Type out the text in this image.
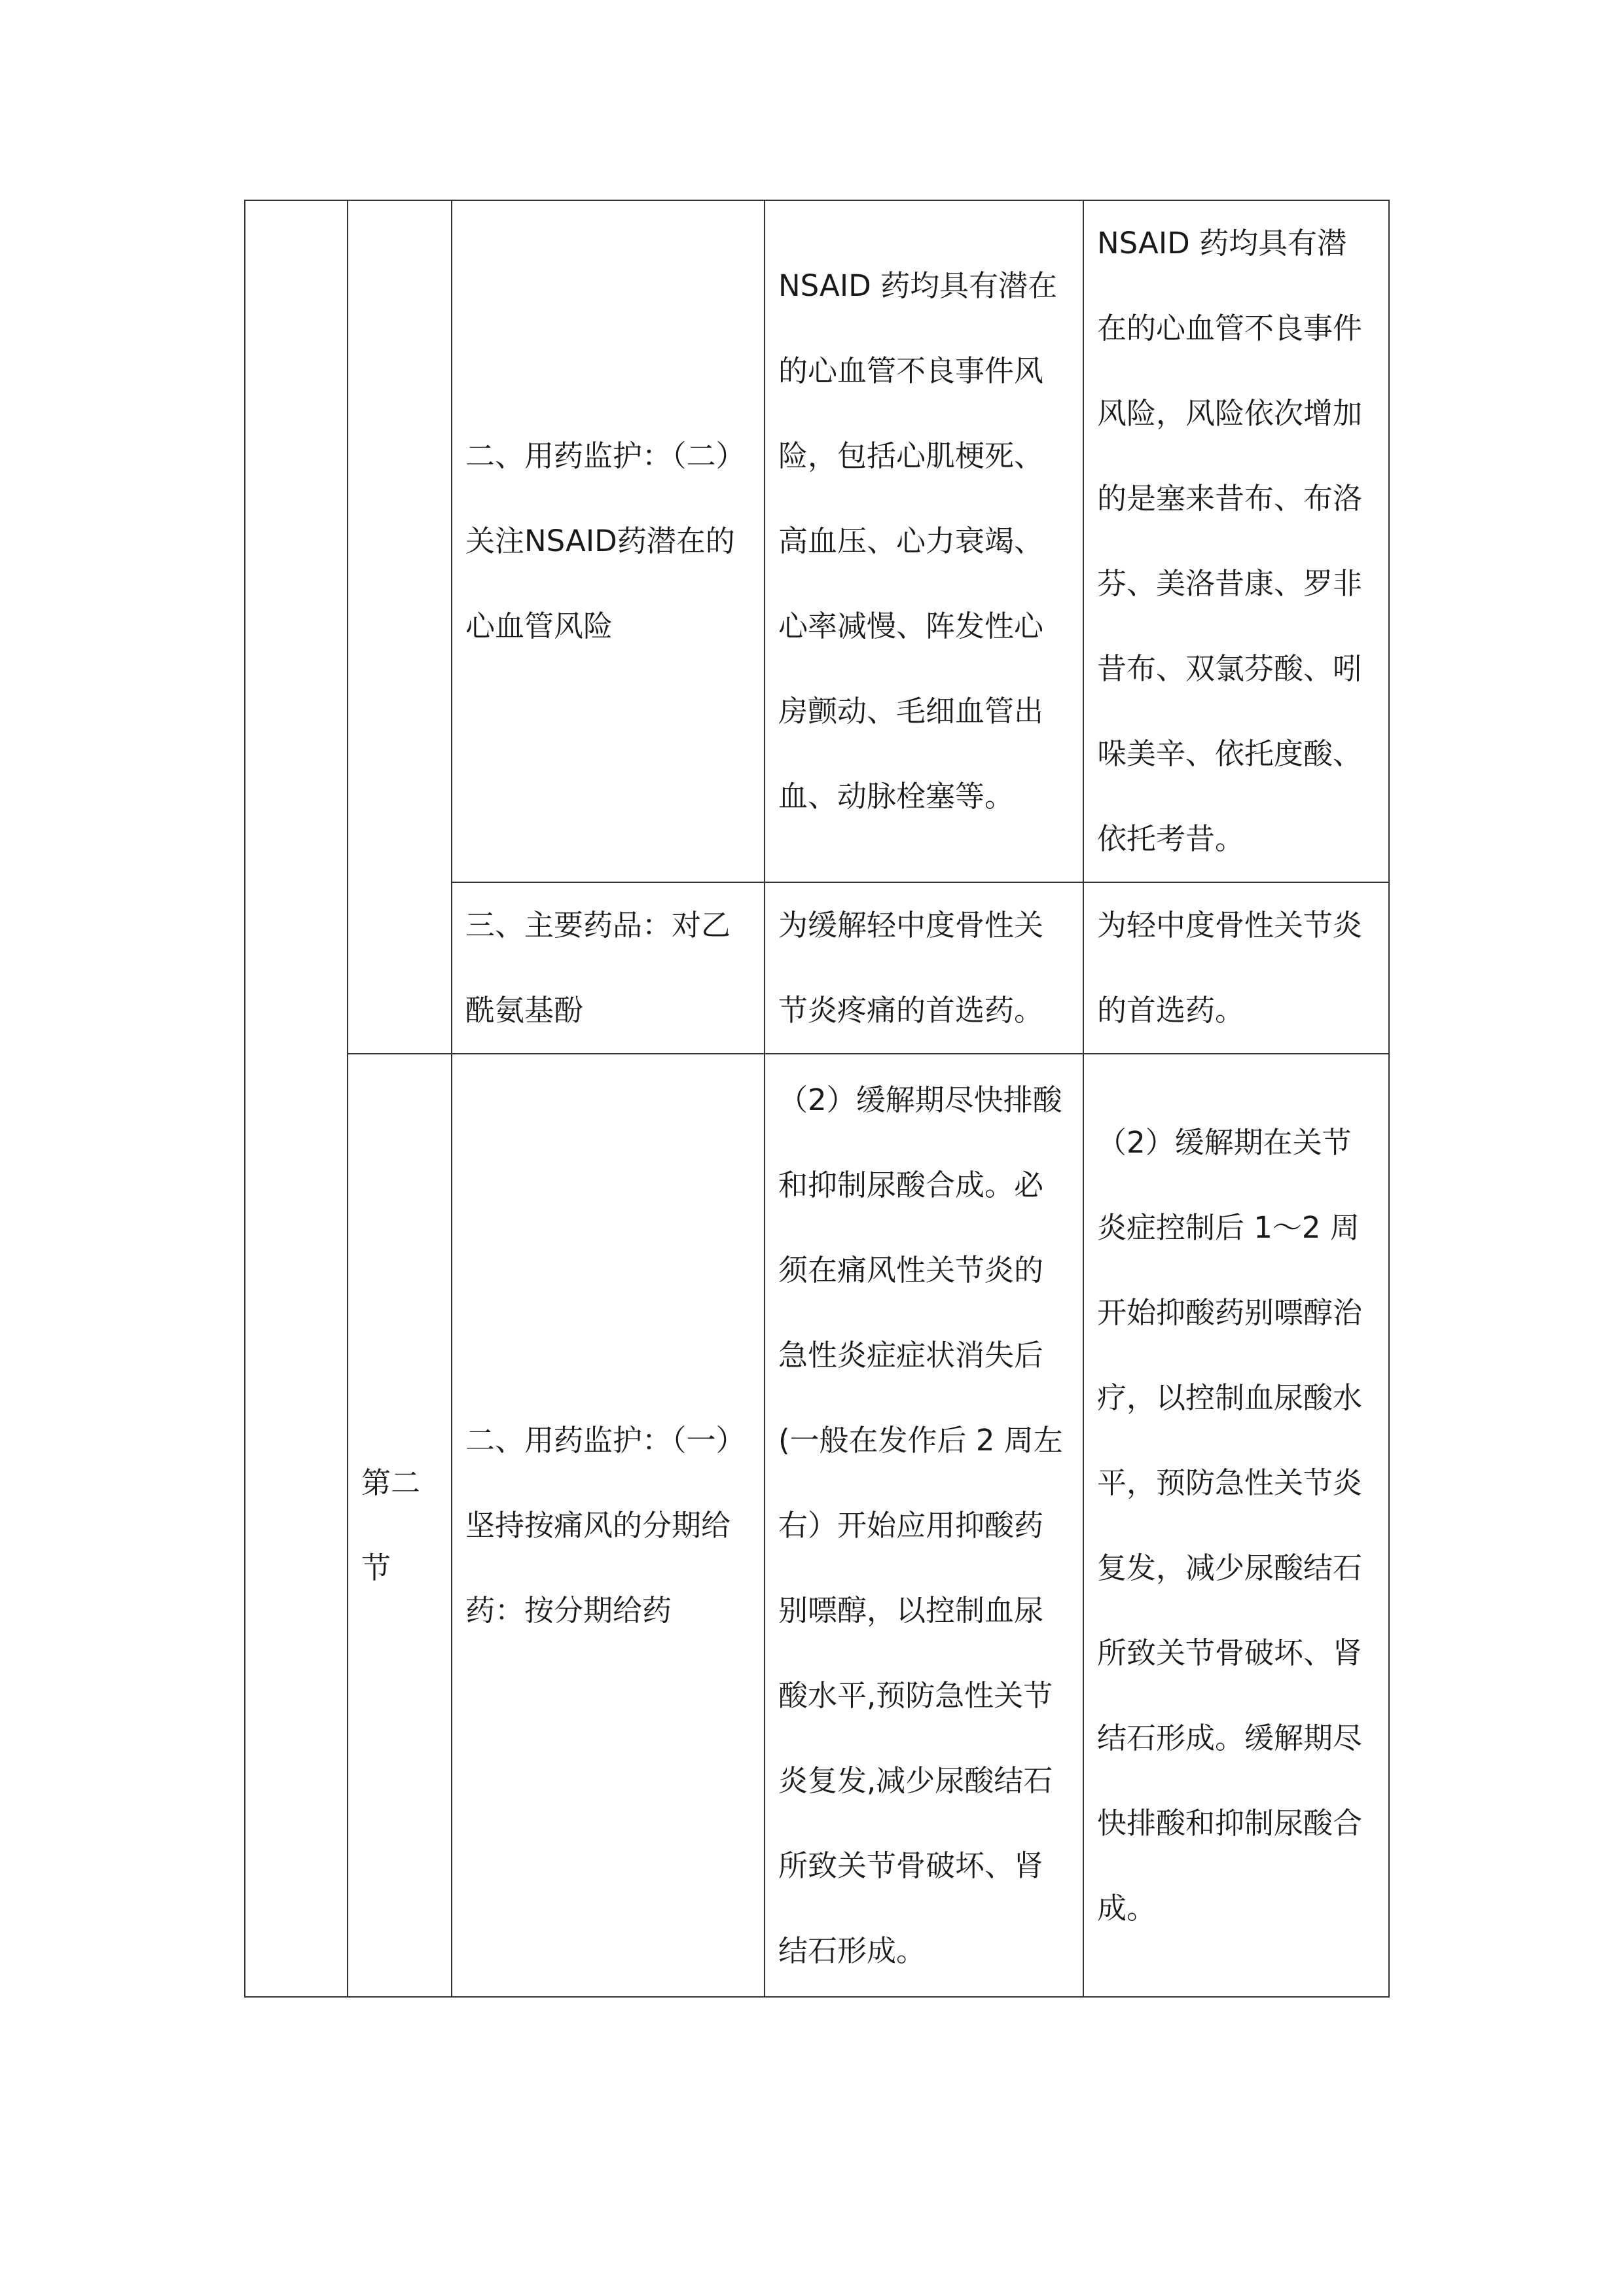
		二、用药监护：（二）关注NSAID药潜在的心血管风险	NSAID 药均具有潜在的心血管不良事件风险，包括心肌梗死、高血压、心力衰竭、心率减慢、阵发性心房颤动、毛细血管出血、动脉栓塞等。	NSAID 药均具有潜在的心血管不良事件风险，风险依次增加的是塞来昔布、布洛芬、美洛昔康、罗非昔布、双氯芬酸、吲哚美辛、依托度酸、依托考昔。

		三、主要药品：对乙酰氨基酚	为缓解轻中度骨性关节炎疼痛的首选药。	为轻中度骨性关节炎的首选药。

	第二节	二、用药监护：（一）坚持按痛风的分期给药：按分期给药	（2）缓解期尽快排酸和抑制尿酸合成。必须在痛风性关节炎的急性炎症症状消失后(一般在发作后 2 周左右）开始应用抑酸药别嘌醇，以控制血尿酸水平,预防急性关节炎复发,减少尿酸结石所致关节骨破坏、肾结石形成。	（2）缓解期在关节炎症控制后 1～2 周开始抑酸药别嘌醇治疗，以控制血尿酸水平，预防急性关节炎复发，减少尿酸结石所致关节骨破坏、肾结石形成。缓解期尽快排酸和抑制尿酸合成。
